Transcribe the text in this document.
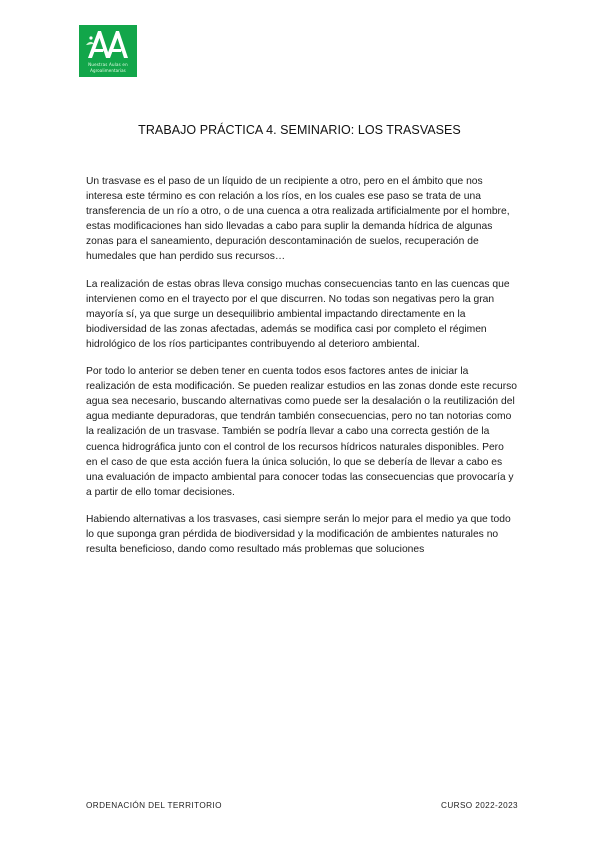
Nuestras Aulas en
Agroalimentarias
TRABAJO PRÁCTICA 4. SEMINARIO: LOS TRASVASES

Un trasvase es el paso de un líquido de un recipiente a otro, pero en el ámbito que nos interesa este término es con relación a los ríos, en los cuales ese paso se trata de una transferencia de un río a otro, o de una cuenca a otra realizada artificialmente por el hombre, estas modificaciones han sido llevadas a cabo para suplir la demanda hídrica de algunas zonas para el saneamiento, depuración descontaminación de suelos, recuperación de humedales que han perdido sus recursos…

La realización de estas obras lleva consigo muchas consecuencias tanto en las cuencas que intervienen como en el trayecto por el que discurren. No todas son negativas pero la gran mayoría sí, ya que surge un desequilibrio ambiental impactando directamente en la biodiversidad de las zonas afectadas, además se modifica casi por completo el régimen hidrológico de los ríos participantes contribuyendo al deterioro ambiental.

Por todo lo anterior se deben tener en cuenta todos esos factores antes de iniciar la realización de esta modificación. Se pueden realizar estudios en las zonas donde este recurso agua sea necesario, buscando alternativas como puede ser la desalación o la reutilización del agua mediante depuradoras, que tendrán también consecuencias, pero no tan notorias como la realización de un trasvase. También se podría llevar a cabo una correcta gestión de la cuenca hidrográfica junto con el control de los recursos hídricos naturales disponibles. Pero en el caso de que esta acción fuera la única solución, lo que se debería de llevar a cabo es una evaluación de impacto ambiental para conocer todas las consecuencias que provocaría y a partir de ello tomar decisiones.

Habiendo alternativas a los trasvases, casi siempre serán lo mejor para el medio ya que todo lo que suponga gran pérdida de biodiversidad y la modificación de ambientes naturales no resulta beneficioso, dando como resultado más problemas que soluciones

ORDENACIÓN DEL TERRITORIO	CURSO 2022-2023
